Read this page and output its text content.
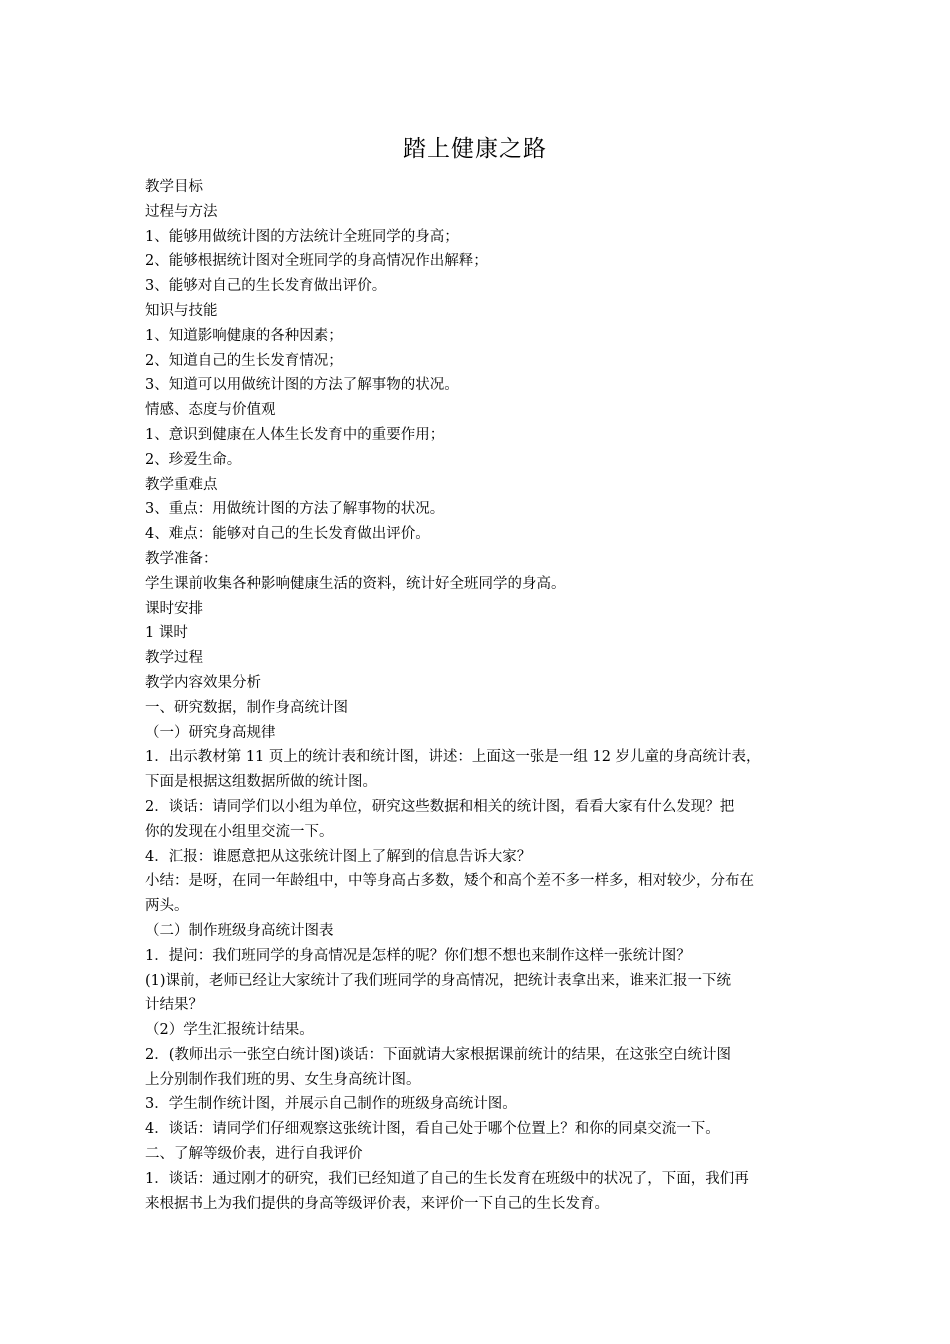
踏上健康之路
教学目标
过程与方法
1、能够用做统计图的方法统计全班同学的身高；
2、能够根据统计图对全班同学的身高情况作出解释；
3、能够对自己的生长发育做出评价。
知识与技能
1、知道影响健康的各种因素；
2、知道自己的生长发育情况；
3、知道可以用做统计图的方法了解事物的状况。
情感、态度与价值观
1、意识到健康在人体生长发育中的重要作用；
2、珍爱生命。
教学重难点
3、重点：用做统计图的方法了解事物的状况。
4、难点：能够对自己的生长发育做出评价。
教学准备：
学生课前收集各种影响健康生活的资料，统计好全班同学的身高。
课时安排
1 课时
教学过程
教学内容效果分析
一、研究数据，制作身高统计图
（一）研究身高规律
1．出示教材第 11 页上的统计表和统计图，讲述：上面这一张是一组 12 岁儿童的身高统计表，
下面是根据这组数据所做的统计图。
2．谈话：请同学们以小组为单位，研究这些数据和相关的统计图，看看大家有什么发现？把
你的发现在小组里交流一下。
4．汇报：谁愿意把从这张统计图上了解到的信息告诉大家？
小结：是呀，在同一年龄组中，中等身高占多数，矮个和高个差不多一样多，相对较少，分布在
两头。
（二）制作班级身高统计图表
1．提问：我们班同学的身高情况是怎样的呢？你们想不想也来制作这样一张统计图？
(1)课前，老师已经让大家统计了我们班同学的身高情况，把统计表拿出来，谁来汇报一下统
计结果？
（2）学生汇报统计结果。
2．(教师出示一张空白统计图)谈话：下面就请大家根据课前统计的结果，在这张空白统计图
上分别制作我们班的男、女生身高统计图。
3．学生制作统计图，并展示自己制作的班级身高统计图。
4．谈话：请同学们仔细观察这张统计图，看自己处于哪个位置上？和你的同桌交流一下。
二、了解等级价表，进行自我评价
1．谈话：通过刚才的研究，我们已经知道了自己的生长发育在班级中的状况了，下面，我们再
来根据书上为我们提供的身高等级评价表，来评价一下自己的生长发育。
